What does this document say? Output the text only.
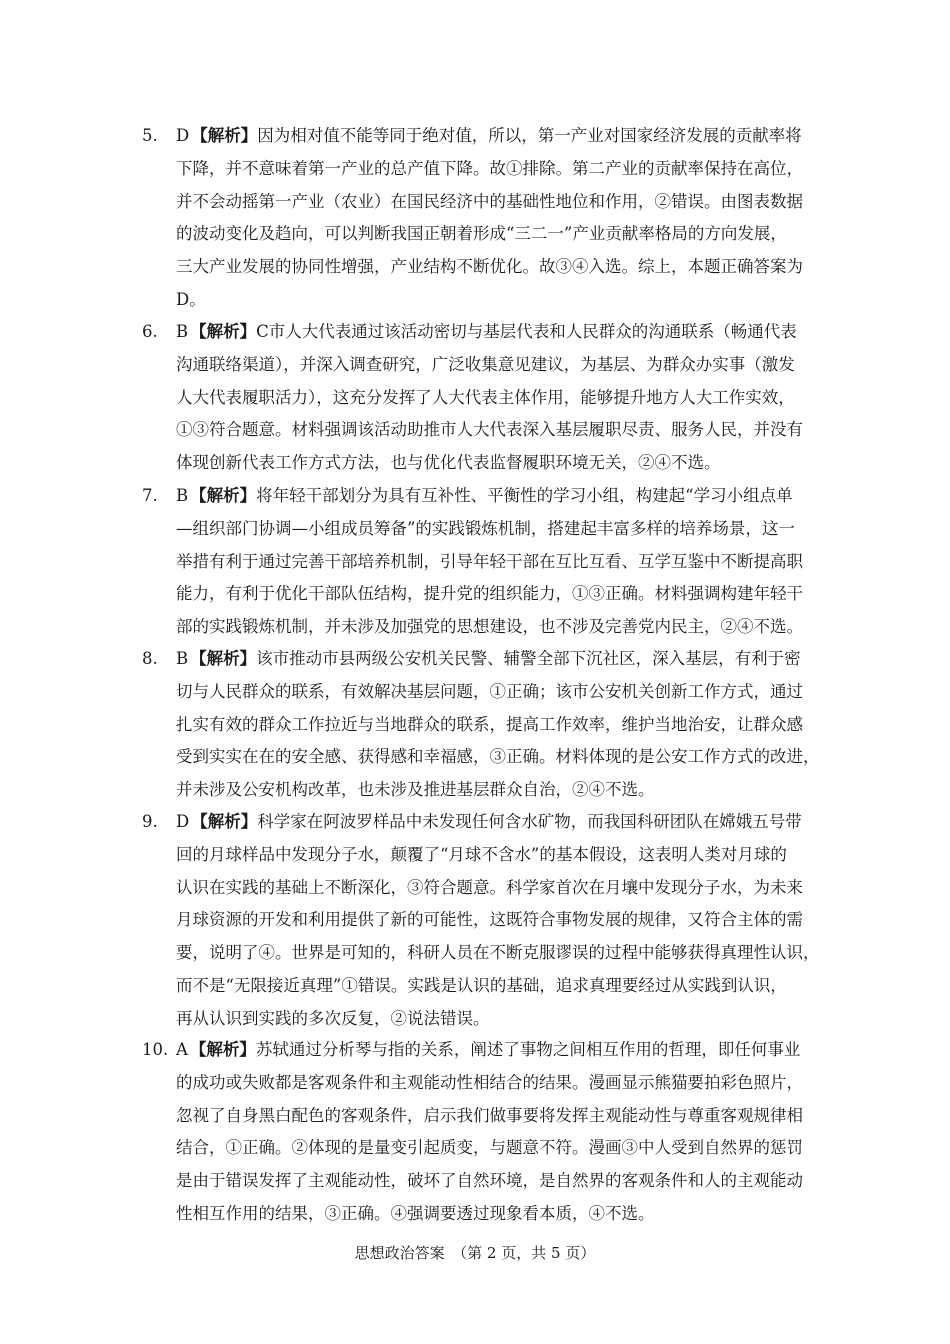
5.	D 【解析】因为相对值不能等同于绝对值，所以，第一产业对国家经济发展的贡献率将
下降，并不意味着第一产业的总产值下降。故①排除。第二产业的贡献率保持在高位，
并不会动摇第一产业（农业）在国民经济中的基础性地位和作用，②错误。由图表数据
的波动变化及趋向，可以判断我国正朝着形成“三二一”产业贡献率格局的方向发展，
三大产业发展的协同性增强，产业结构不断优化。故③④入选。综上，本题正确答案为
D。
6.	B 【解析】C市人大代表通过该活动密切与基层代表和人民群众的沟通联系（畅通代表
沟通联络渠道），并深入调查研究，广泛收集意见建议，为基层、为群众办实事（激发
人大代表履职活力），这充分发挥了人大代表主体作用，能够提升地方人大工作实效，
①③符合题意。材料强调该活动助推市人大代表深入基层履职尽责、服务人民，并没有
体现创新代表工作方式方法，也与优化代表监督履职环境无关，②④不选。
7.	B 【解析】将年轻干部划分为具有互补性、平衡性的学习小组，构建起“学习小组点单
—组织部门协调—小组成员筹备”的实践锻炼机制，搭建起丰富多样的培养场景，这一
举措有利于通过完善干部培养机制，引导年轻干部在互比互看、互学互鉴中不断提高职
能力，有利于优化干部队伍结构，提升党的组织能力，①③正确。材料强调构建年轻干
部的实践锻炼机制，并未涉及加强党的思想建设，也不涉及完善党内民主，②④不选。
8.	B 【解析】该市推动市县两级公安机关民警、辅警全部下沉社区，深入基层，有利于密
切与人民群众的联系，有效解决基层问题，①正确；该市公安机关创新工作方式，通过
扎实有效的群众工作拉近与当地群众的联系，提高工作效率，维护当地治安，让群众感
受到实实在在的安全感、获得感和幸福感，③正确。材料体现的是公安工作方式的改进，
并未涉及公安机构改革，也未涉及推进基层群众自治，②④不选。
9.	D 【解析】科学家在阿波罗样品中未发现任何含水矿物，而我国科研团队在嫦娥五号带
回的月球样品中发现分子水，颠覆了“月球不含水”的基本假设，这表明人类对月球的
认识在实践的基础上不断深化，③符合题意。科学家首次在月壤中发现分子水，为未来
月球资源的开发和利用提供了新的可能性，这既符合事物发展的规律，又符合主体的需
要，说明了④。世界是可知的，科研人员在不断克服谬误的过程中能够获得真理性认识，
而不是“无限接近真理”①错误。实践是认识的基础，追求真理要经过从实践到认识，
再从认识到实践的多次反复，②说法错误。
10. A 【解析】苏轼通过分析琴与指的关系，阐述了事物之间相互作用的哲理，即任何事业
的成功或失败都是客观条件和主观能动性相结合的结果。漫画显示熊猫要拍彩色照片，
忽视了自身黑白配色的客观条件，启示我们做事要将发挥主观能动性与尊重客观规律相
结合，①正确。②体现的是量变引起质变，与题意不符。漫画③中人受到自然界的惩罚
是由于错误发挥了主观能动性，破坏了自然环境，是自然界的客观条件和人的主观能动
性相互作用的结果，③正确。④强调要透过现象看本质，④不选。
思想政治答案　（第 2 页，共 5 页）
